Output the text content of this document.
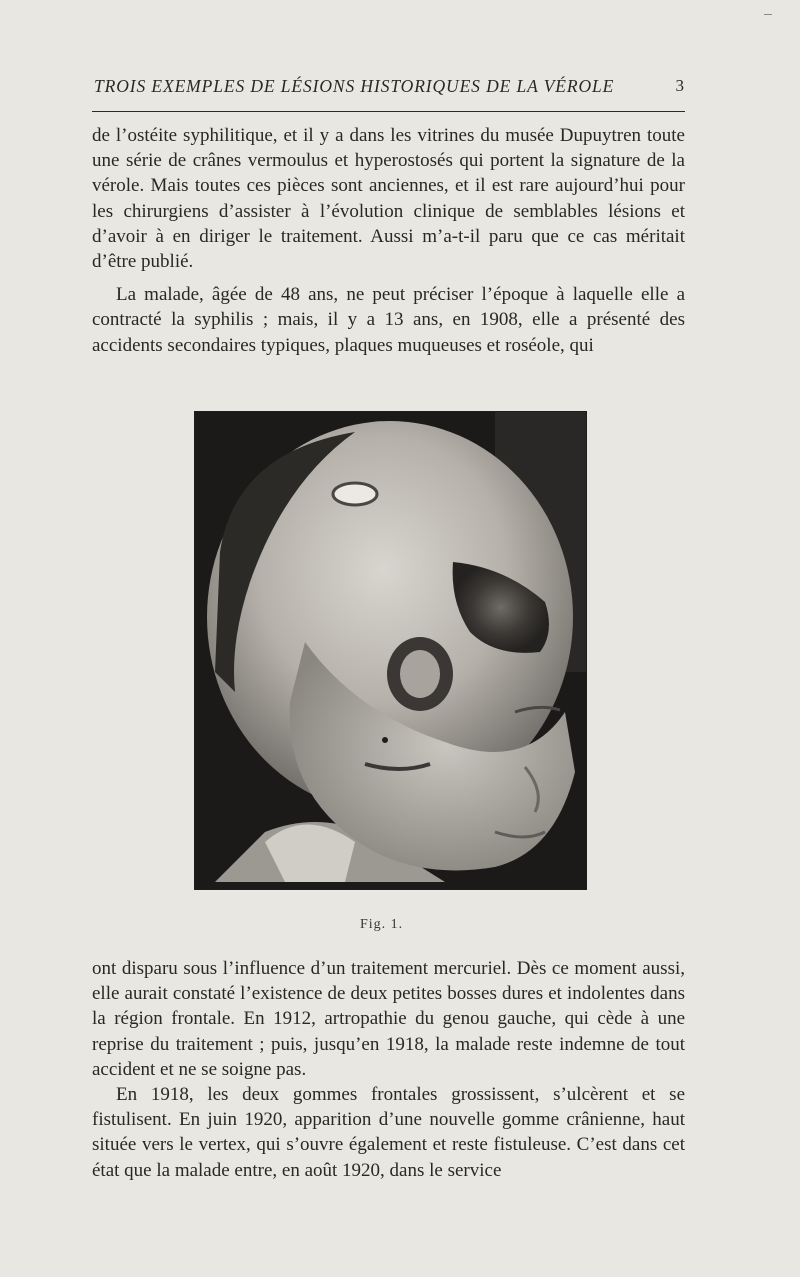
TROIS EXEMPLES DE LÉSIONS HISTORIQUES DE LA VÉROLE	3

de l’ostéite syphilitique, et il y a dans les vitrines du musée Dupuytren toute une série de crânes vermoulus et hyperostosés qui portent la signature de la vérole. Mais toutes ces pièces sont anciennes, et il est rare aujourd’hui pour les chirurgiens d’assister à l’évolution clinique de semblables lésions et d’avoir à en diriger le traitement. Aussi m’a-t-il paru que ce cas méritait d’être publié.

La malade, âgée de 48 ans, ne peut préciser l’époque à laquelle elle a contracté la syphilis ; mais, il y a 13 ans, en 1908, elle a présenté des accidents secondaires typiques, plaques muqueuses et roséole, qui

Fig. 1.

ont disparu sous l’influence d’un traitement mercuriel. Dès ce moment aussi, elle aurait constaté l’existence de deux petites bosses dures et indolentes dans la région frontale. En 1912, artropathie du genou gauche, qui cède à une reprise du traitement ; puis, jusqu’en 1918, la malade reste indemne de tout accident et ne se soigne pas.

En 1918, les deux gommes frontales grossissent, s’ulcèrent et se fistulisent. En juin 1920, apparition d’une nouvelle gomme crânienne, haut située vers le vertex, qui s’ouvre également et reste fistuleuse. C’est dans cet état que la malade entre, en août 1920, dans le service
